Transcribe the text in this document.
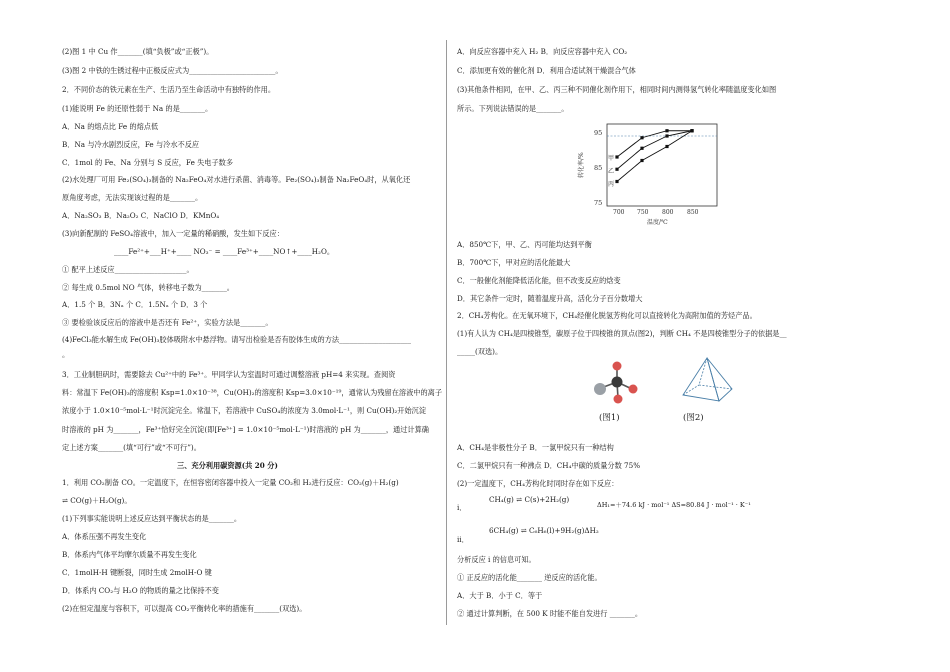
(2)图 1 中 Cu 作_______(填“负极”或“正极”)。
(3)图 2 中铁的生锈过程中正极反应式为________________________。
2．不同价态的铁元素在生产、生活乃至生命活动中有独特的作用。
(1)能说明 Fe 的还原性弱于 Na 的是_______。
A．Na 的熔点比 Fe 的熔点低
B．Na 与冷水剧烈反应，Fe 与冷水不反应
C．1mol 的 Fe、Na 分别与 S 反应，Fe 失电子数多
(2)水处理厂可用 Fe₂(SO₄)₃制备的 Na₂FeO₄对水进行杀菌、消毒等。Fe₂(SO₄)₃制备 Na₂FeO₄时，从氧化还
原角度考虑，无法实现该过程的是_______。
A．Na₂SO₃ B．Na₂O₂ C．NaClO D．KMnO₄
(3)向新配制的 FeSO₄溶液中，加入一定量的稀硝酸，发生如下反应：
____Fe²⁺+___H⁺+____ NO₃⁻ = ____Fe³⁺+____NO↑+____H₂O。
① 配平上述反应____________________。
② 每生成 0.5mol NO 气体，转移电子数为_______。
A．1.5 个 B．3Nₐ 个 C．1.5Nₐ 个 D．3 个
③ 要检验该反应后的溶液中是否还有 Fe²⁺，实验方法是_______。
(4)FeCl₃能水解生成 Fe(OH)₃胶体吸附水中悬浮物。请写出检验是否有胶体生成的方法____________________
。
3．工业制胆矾时，需要除去 Cu²⁺中的 Fe³⁺。甲同学认为室温时可通过调整溶液 pH=4 来实现。查阅资
料：常温下 Fe(OH)₃的溶度积 Ksp=1.0×10⁻³⁸，Cu(OH)₂的溶度积 Ksp=3.0×10⁻¹⁹，通常认为残留在溶液中的离子
浓度小于 1.0×10⁻⁵mol·L⁻¹时沉淀完全。常温下，若溶液中 CuSO₄的浓度为 3.0mol·L⁻¹，则 Cu(OH)₂开始沉淀
时溶液的 pH 为_______，Fe³⁺恰好完全沉淀(即[Fe³⁺] = 1.0×10⁻⁵mol·L⁻¹)时溶液的 pH 为_______，通过计算确
定上述方案_______(填“可行”或“不可行”)。
三、充分利用碳资源(共 20 分)
1．利用 CO₂制备 CO。一定温度下，在恒容密闭容器中投入一定量 CO₂和 H₂进行反应：CO₂(g)＋H₂(g)
⇌ CO(g)＋H₂O(g)。
(1)下列事实能说明上述反应达到平衡状态的是_______。
A．体系压强不再发生变化
B．体系内气体平均摩尔质量不再发生变化
C．1molH-H 键断裂，同时生成 2molH-O 键
D．体系内 CO₂与 H₂O 的物质的量之比保持不变
(2)在恒定温度与容积下，可以提高 CO₂平衡转化率的措施有_______(双选)。
A．向反应容器中充入 H₂ B．向反应容器中充入 CO₂
C．添加更有效的催化剂 D．利用合适试剂干燥混合气体
(3)其他条件相同，在甲、乙、丙三种不同催化剂作用下，相同时间内测得氢气转化率随温度变化如图
所示。下列说法错误的是_______。
转化率/%
95
85
75
700 750 800 850
温度/℃
甲
乙
丙
A．850℃下，甲、乙、丙可能均达到平衡
B．700℃下，甲对应的活化能最大
C．一般催化剂能降低活化能，但不改变反应的焓变
D．其它条件一定时，随着温度升高，活化分子百分数增大
2．CH₄芳构化。在无氧环境下，CH₄经催化脱氢芳构化可以直接转化为高附加值的芳烃产品。
(1)有人认为 CH₄是四棱锥型，碳原子位于四棱锥的顶点(图2)，判断 CH₄ 不是四棱锥型分子的依据是__
_____(双选)。
(图1)	(图2)
A．CH₄是非极性分子 B．一氯甲烷只有一种结构
C．二氯甲烷只有一种沸点 D．CH₄中碳的质量分数 75%
(2)一定温度下，CH₄芳构化时同时存在如下反应：
i．
CH₄(g) ⇌ C(s)+2H₂(g)
ΔH₁=＋74.6 kJ · mol⁻¹ ΔS=80.84 J · mol⁻¹ · K⁻¹
ii．
6CH₄(g) ⇌ C₆H₆(l)+9H₂(g)ΔH₂
分析反应 i 的信息可知。
① 正反应的活化能_______ 逆反应的活化能。
A．大于 B．小于 C．等于
② 通过计算判断，在 500 K 时能不能自发进行 _______。
